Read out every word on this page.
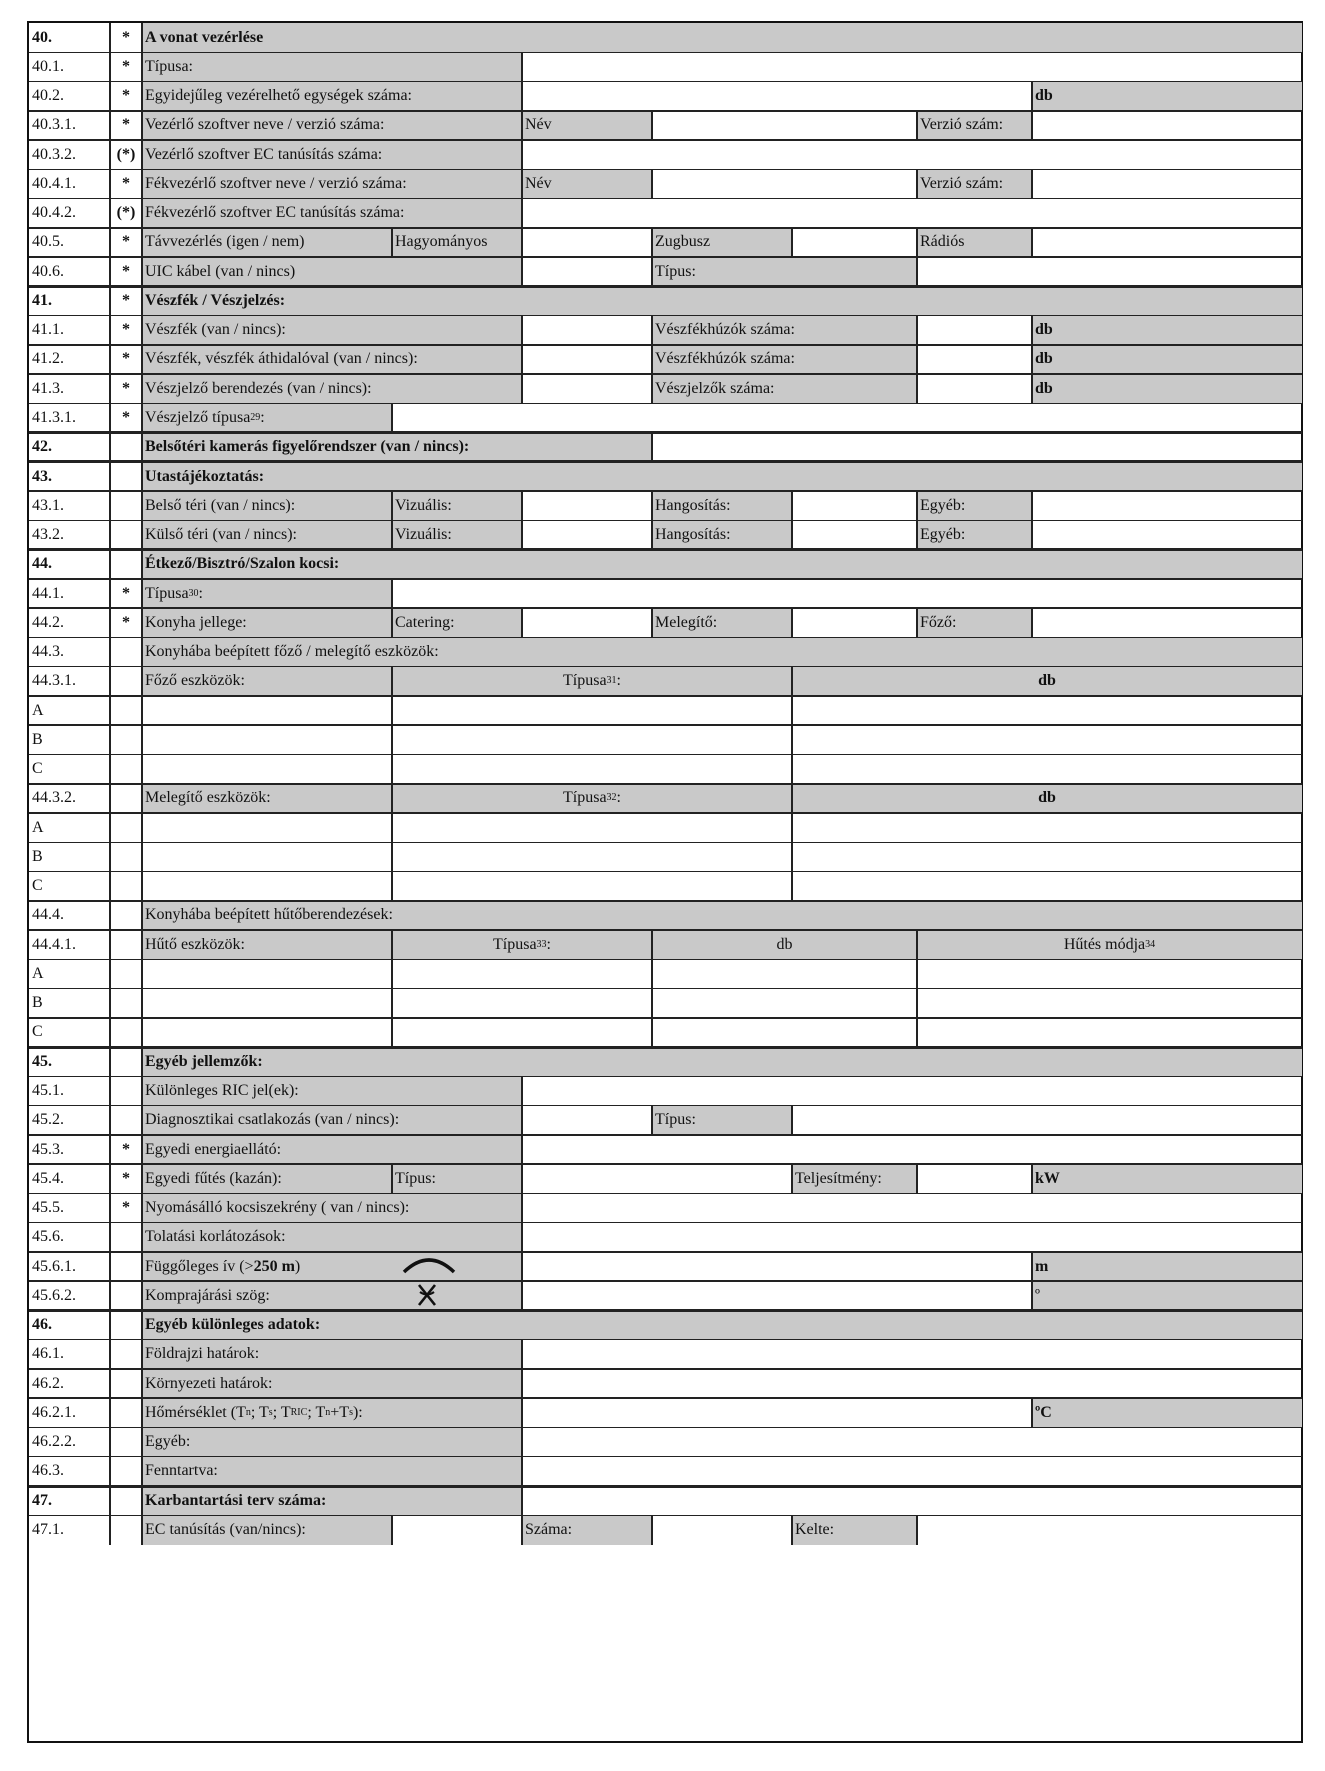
40.	* A vonat vezérlése
40.1.	* Típusa:
40.2.	* Egyidejűleg vezérelhető egységek száma:	db
40.3.1.	* Vezérlő szoftver neve / verzió száma:	Név	Verzió szám:
40.3.2.	(*) Vezérlő szoftver EC tanúsítás száma:
40.4.1.	* Fékvezérlő szoftver neve / verzió száma:	Név	Verzió szám:
40.4.2.	(*) Fékvezérlő szoftver EC tanúsítás száma:
40.5.	* Távvezérlés (igen / nem)	Hagyományos	Zugbusz	Rádiós
40.6.	* UIC kábel (van / nincs)	Típus:
41.	* Vészfék / Vészjelzés:
41.1.	* Vészfék (van / nincs):	Vészfékhúzók száma:	db
41.2.	* Vészfék, vészfék áthidalóval (van / nincs):	Vészfékhúzók száma:	db
41.3.	* Vészjelző berendezés (van / nincs):	Vészjelzők száma:	db
41.3.1.	* Vészjelző típusa 29 :
42.	Belsőtéri kamerás figyelőrendszer (van / nincs):
43.	Utastájékoztatás:
43.1.	Belső téri (van / nincs):	Vizuális:	Hangosítás:	Egyéb:
43.2.	Külső téri (van / nincs):	Vizuális:	Hangosítás:	Egyéb:
44.	Étkező/Bisztró/Szalon kocsi:
44.1.	* Típusa 30 :
44.2.	* Konyha jellege:	Catering:	Melegítő:	Főző:
44.3.	Konyhába beépített főző / melegítő eszközök:
44.3.1.	Főző eszközök:	Típusa 31 :	db
A
B
C
44.3.2.	Melegítő eszközök:	Típusa 32 :	db
A
B
C
44.4.	Konyhába beépített hűtőberendezések:
44.4.1.	Hűtő eszközök:	Típusa 33 :	db	Hűtés módja 34
A
B
C
45.	Egyéb jellemzők:
45.1.	Különleges RIC jel(ek):
45.2.	Diagnosztikai csatlakozás (van / nincs):	Típus:
45.3.	* Egyedi energiaellátó:
45.4.	* Egyedi fűtés (kazán):	Típus:	Teljesítmény:	kW
45.5.	* Nyomásálló kocsiszekrény ( van / nincs):
45.6.	Tolatási korlátozások:
45.6.1.	Függőleges ív (> 250 m )	m
45.6.2.	Komprajárási szög:	º
46.	Egyéb különleges adatok:
46.1.	Földrajzi határok:
46.2.	Környezeti határok:
46.2.1.	Hőmérséklet (T n ; T s ; T RIC ; T n +T s ):	ºC
46.2.2.	Egyéb:
46.3.	Fenntartva:
47.	Karbantartási terv száma:
47.1.	EC tanúsítás (van/nincs):	Száma:	Kelte:
